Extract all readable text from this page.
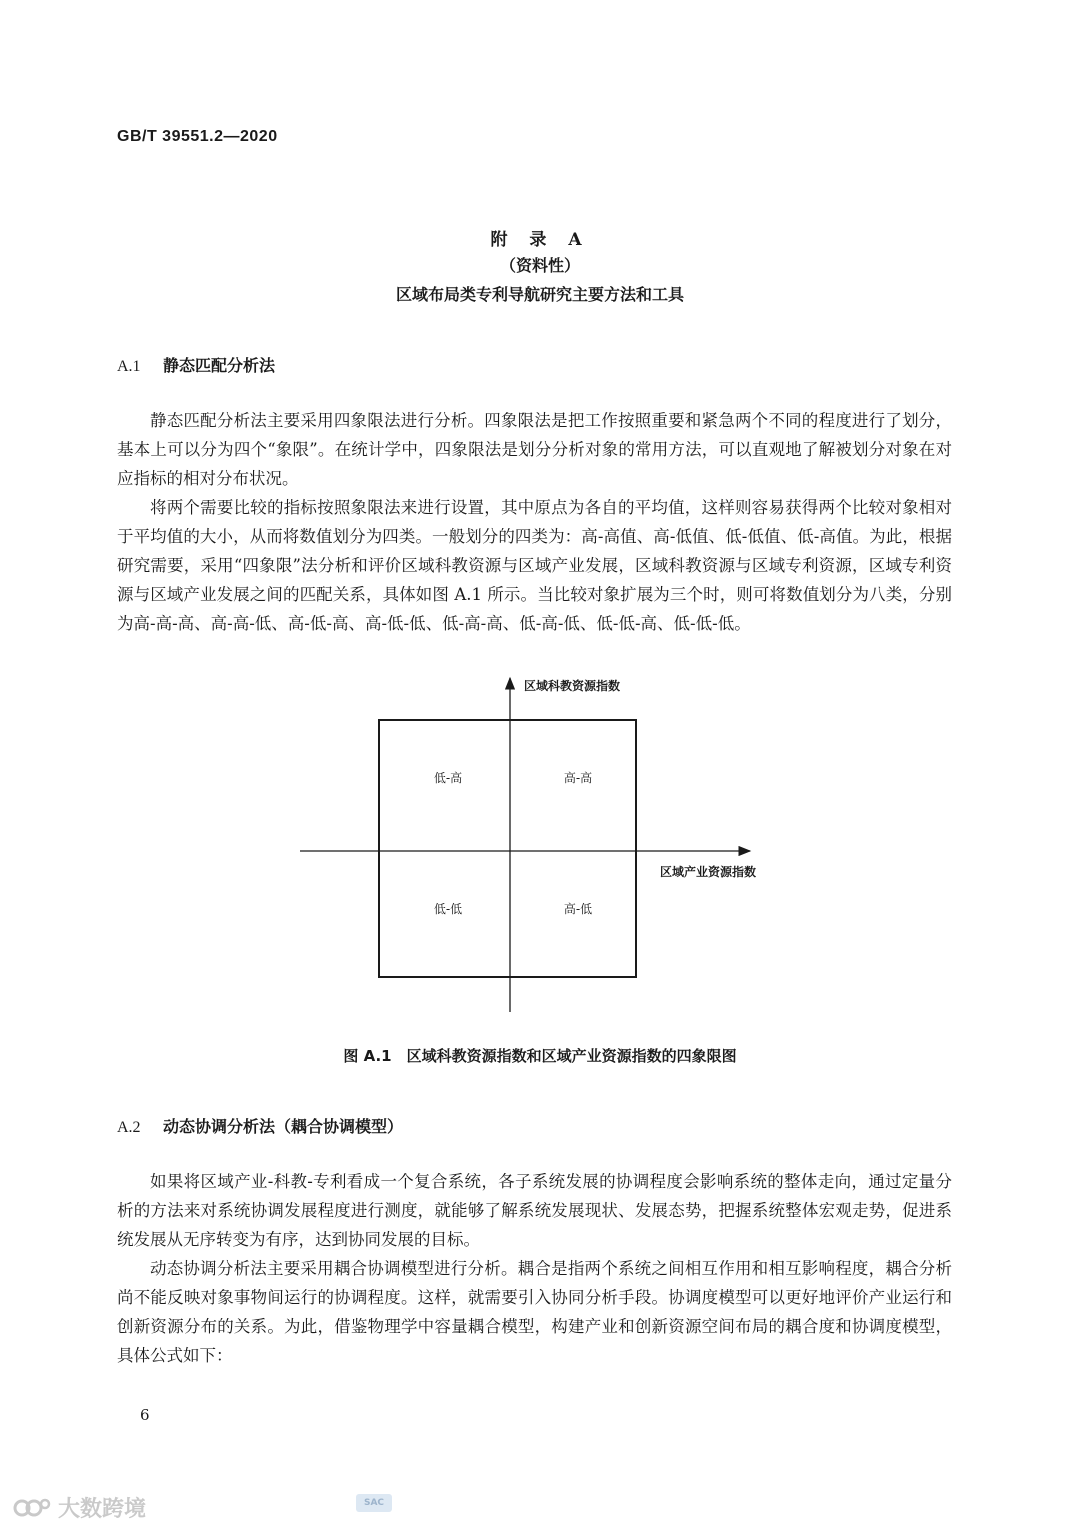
GB/T 39551.2—2020
附 录 A
（资料性）
区域布局类专利导航研究主要方法和工具
A.1 静态匹配分析法

静态匹配分析法主要采用四象限法进行分析。四象限法是把工作按照重要和紧急两个不同的程度进行了划分，基本上可以分为四个“象限”。在统计学中，四象限法是划分分析对象的常用方法，可以直观地了解被划分对象在对应指标的相对分布状况。

将两个需要比较的指标按照象限法来进行设置，其中原点为各自的平均值，这样则容易获得两个比较对象相对于平均值的大小，从而将数值划分为四类。一般划分的四类为：高-高值、高-低值、低-低值、低-高值。为此，根据研究需要，采用“四象限”法分析和评价区域科教资源与区域产业发展，区域科教资源与区域专利资源，区域专利资源与区域产业发展之间的匹配关系，具体如图 A.1 所示。当比较对象扩展为三个时，则可将数值划分为八类，分别为高-高-高、高-高-低、高-低-高、高-低-低、低-高-高、低-高-低、低-低-高、低-低-低。

区域科教资源指数
区域产业资源指数
低-高	高-高
低-低	高-低
图 A.1　区域科教资源指数和区域产业资源指数的四象限图
A.2 动态协调分析法（耦合协调模型）

如果将区域产业-科教-专利看成一个复合系统，各子系统发展的协调程度会影响系统的整体走向，通过定量分析的方法来对系统协调发展程度进行测度，就能够了解系统发展现状、发展态势，把握系统整体宏观走势，促进系统发展从无序转变为有序，达到协同发展的目标。

动态协调分析法主要采用耦合协调模型进行分析。耦合是指两个系统之间相互作用和相互影响程度，耦合分析尚不能反映对象事物间运行的协调程度。这样，就需要引入协同分析手段。协调度模型可以更好地评价产业运行和创新资源分布的关系。为此，借鉴物理学中容量耦合模型，构建产业和创新资源空间布局的耦合度和协调度模型，具体公式如下：

6
大数跨境	SAC
